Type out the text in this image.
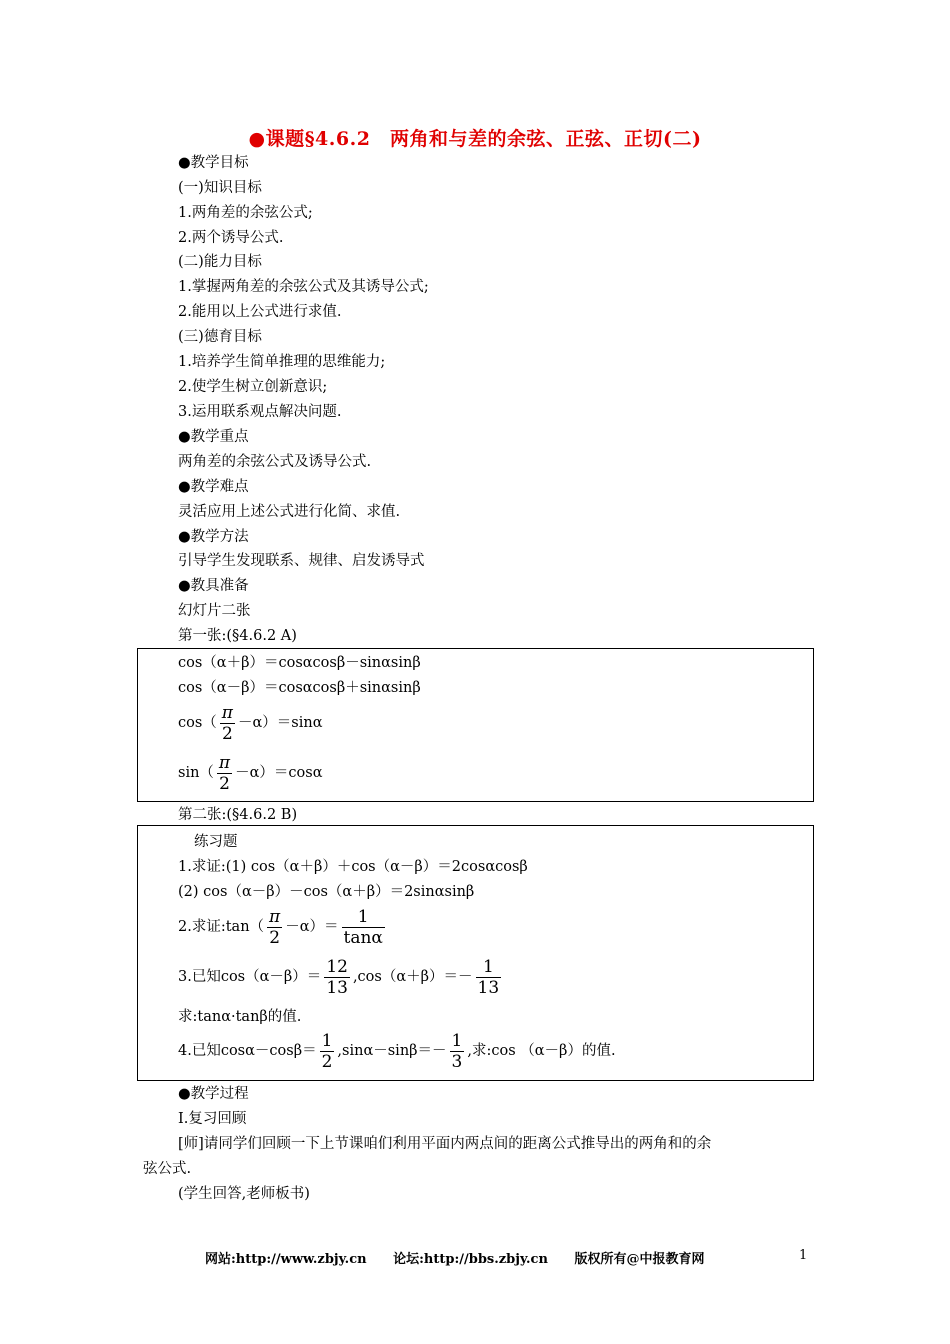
●课题§4.6.2　两角和与差的余弦、正弦、正切(二)
●教学目标
(一)知识目标
1.两角差的余弦公式;
2.两个诱导公式.
(二)能力目标
1.掌握两角差的余弦公式及其诱导公式;
2.能用以上公式进行求值.
(三)德育目标
1.培养学生简单推理的思维能力;
2.使学生树立创新意识;
3.运用联系观点解决问题.
●教学重点
两角差的余弦公式及诱导公式.
●教学难点
灵活应用上述公式进行化简、求值.
●教学方法
引导学生发现联系、规律、启发诱导式
●教具准备
幻灯片二张
第一张:(§4.6.2 A)
cos（α＋β）＝cosαcosβ－sinαsinβ
cos（α－β）＝cosαcosβ＋sinαsinβ
$\cos( \frac{\pi}{2} -\alpha)=\sin\alpha$
$\sin( \frac{\pi}{2} -\alpha)=\cos\alpha$
第二张:(§4.6.2 B)
练习题
1.求证:(1) cos（α＋β）＋cos（α－β）＝2cosαcosβ
(2) cos（α－β）－cos（α＋β）＝2sinαsinβ
2.求证:tan（ $\frac{\pi}{2} -\alpha)= \frac{1}{\tan\alpha}$
3.已知$\cos(\alpha-\beta)= \frac{12}{13} ,\cos(\alpha+\beta)=- \frac{1}{13}$
求:tanα·tanβ的值.
4.已知$\cos\alpha-\cos\beta= \frac{1}{2} ,\sin\alpha-\sin\beta=- \frac{1}{3}$ ,求:cos （α－β）的值.
●教学过程
Ⅰ.复习回顾
[师]请同学们回顾一下上节课咱们利用平面内两点间的距离公式推导出的两角和的余
弦公式.
(学生回答,老师板书)
网站:http://www.zbjy.cn 论坛:http://bbs.zbjy.cn 版权所有@中报教育网	1
